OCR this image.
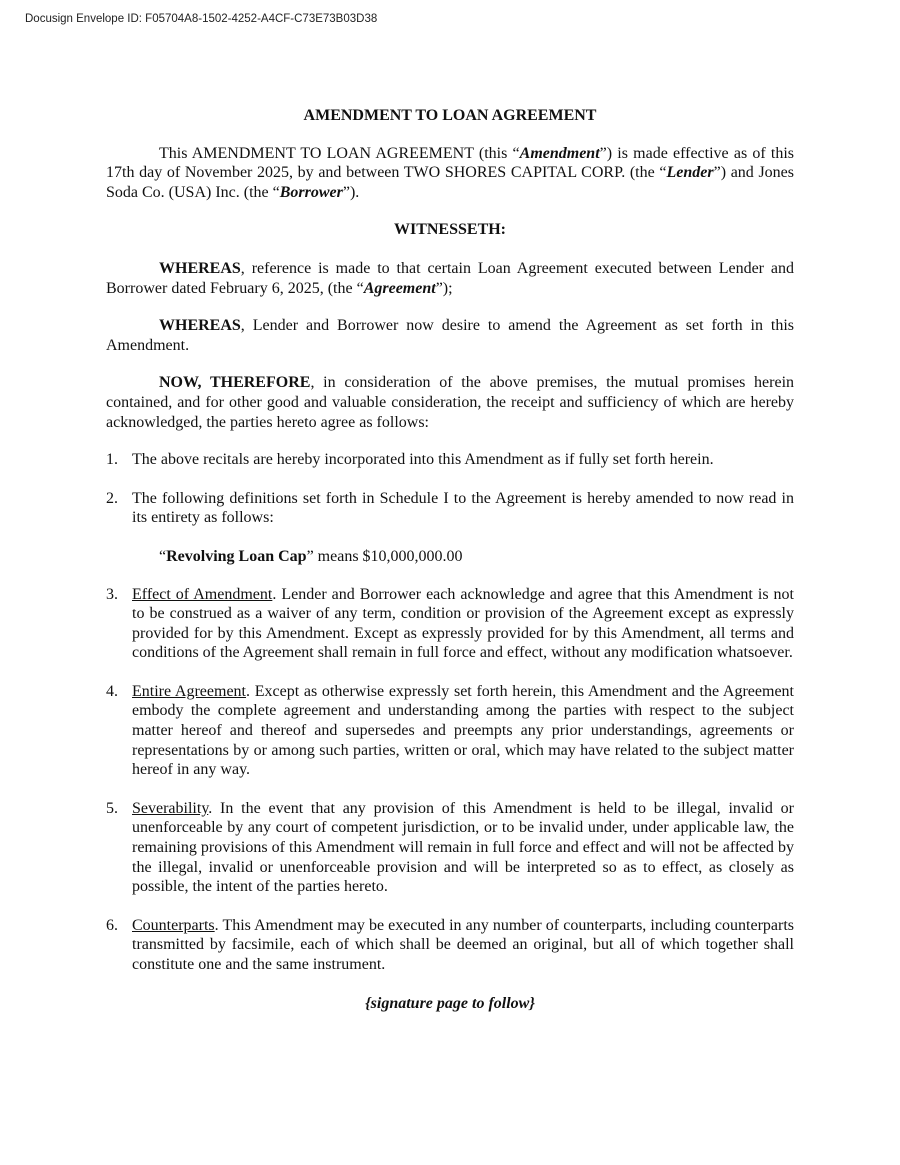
Docusign Envelope ID: F05704A8-1502-4252-A4CF-C73E73B03D38
AMENDMENT TO LOAN AGREEMENT

This AMENDMENT TO LOAN AGREEMENT (this “Amendment”) is made effective as of this 17th day of November 2025, by and between TWO SHORES CAPITAL CORP. (the “Lender”) and Jones Soda Co. (USA) Inc. (the “Borrower”).

WITNESSETH:

WHEREAS, reference is made to that certain Loan Agreement executed between Lender and Borrower dated February 6, 2025, (the “Agreement”);

WHEREAS, Lender and Borrower now desire to amend the Agreement as set forth in this Amendment.

NOW, THEREFORE, in consideration of the above premises, the mutual promises herein contained, and for other good and valuable consideration, the receipt and sufficiency of which are hereby acknowledged, the parties hereto agree as follows:

1. The above recitals are hereby incorporated into this Amendment as if fully set forth herein.
2. The following definitions set forth in Schedule I to the Agreement is hereby amended to now read in its entirety as follows:
“Revolving Loan Cap” means $10,000,000.00
3. Effect of Amendment. Lender and Borrower each acknowledge and agree that this Amendment is not to be construed as a waiver of any term, condition or provision of the Agreement except as expressly provided for by this Amendment. Except as expressly provided for by this Amendment, all terms and conditions of the Agreement shall remain in full force and effect, without any modification whatsoever.
4. Entire Agreement. Except as otherwise expressly set forth herein, this Amendment and the Agreement embody the complete agreement and understanding among the parties with respect to the subject matter hereof and thereof and supersedes and preempts any prior understandings, agreements or representations by or among such parties, written or oral, which may have related to the subject matter hereof in any way.
5. Severability. In the event that any provision of this Amendment is held to be illegal, invalid or unenforceable by any court of competent jurisdiction, or to be invalid under, under applicable law, the remaining provisions of this Amendment will remain in full force and effect and will not be affected by the illegal, invalid or unenforceable provision and will be interpreted so as to effect, as closely as possible, the intent of the parties hereto.
6. Counterparts. This Amendment may be executed in any number of counterparts, including counterparts transmitted by facsimile, each of which shall be deemed an original, but all of which together shall constitute one and the same instrument.
{signature page to follow}
